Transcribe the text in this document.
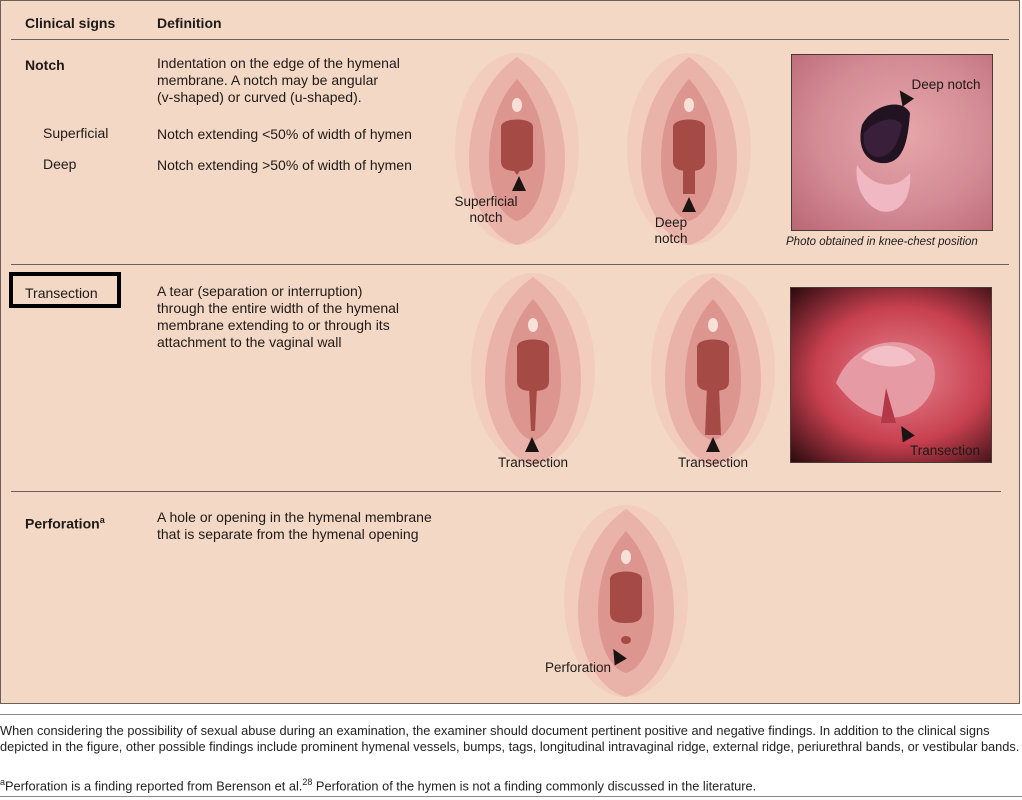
Clinical signs	Definition
Notch	Indentation on the edge of the hymenal
membrane. A notch may be angular
(v-shaped) or curved (u-shaped).
Superficial	Notch extending <50% of width of hymen
Deep	Notch extending >50% of width of hymen
Superficial
notch	Deep
notch
Deep notch
Photo obtained in knee-chest position
Transection	A tear (separation or interruption)
through the entire width of the hymenal
membrane extending to or through its
attachment to the vaginal wall
Transection	Transection
Transection
Perforation$^a$	A hole or opening in the hymenal membrane
that is separate from the hymenal opening
Perforation
When considering the possibility of sexual abuse during an examination, the examiner should document pertinent positive and negative findings. In addition to the clinical signs depicted in the figure, other possible findings include prominent hymenal vessels, bumps, tags, longitudinal intravaginal ridge, external ridge, periurethral bands, or vestibular bands.
$^a$Perforation is a finding reported from Berenson et al.$^{28}$ Perforation of the hymen is not a finding commonly discussed in the literature.
